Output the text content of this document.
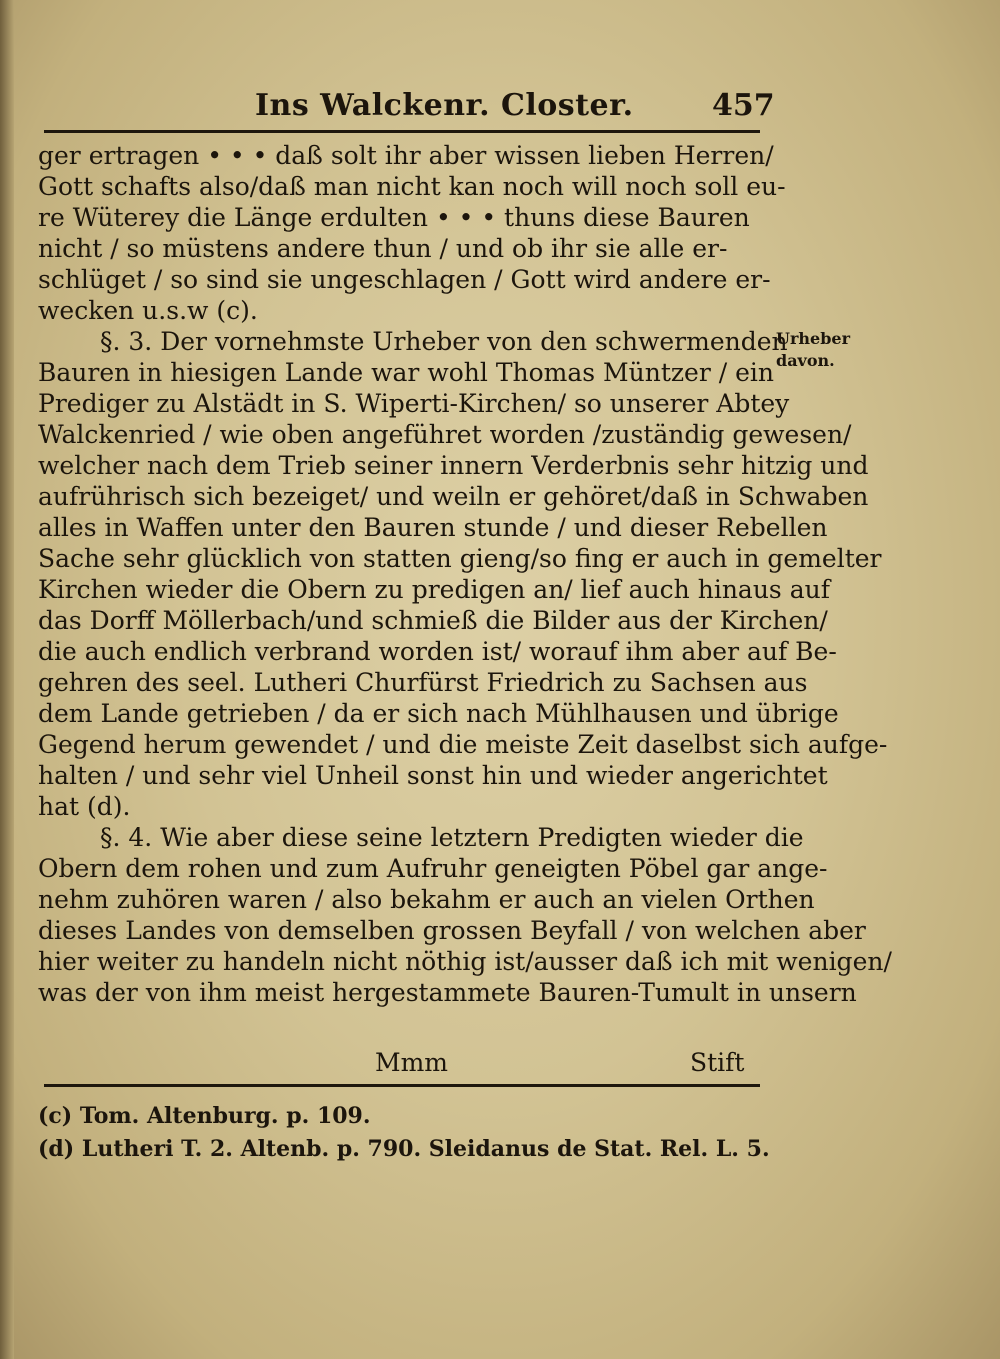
Ins Walckenr. Closter.	457
ger ertragen • • • daß solt ihr aber wissen lieben Herren/
Gott schafts also/daß man nicht kan noch will noch soll eu-
re Wüterey die Länge erdulten • • • thuns diese Bauren
nicht / so müstens andere thun / und ob ihr sie alle er-
schlüget / so sind sie ungeschlagen / Gott wird andere er-
wecken u.s.w (c).
§. 3. Der vornehmste Urheber von den schwermenden
Bauren in hiesigen Lande war wohl Thomas Müntzer / ein
Prediger zu Alstädt in S. Wiperti-Kirchen/ so unserer Abtey
Walckenried / wie oben angeführet worden /zuständig gewesen/
welcher nach dem Trieb seiner innern Verderbnis sehr hitzig und
aufrührisch sich bezeiget/ und weiln er gehöret/daß in Schwaben
alles in Waffen unter den Bauren stunde / und dieser Rebellen
Sache sehr glücklich von statten gieng/so fing er auch in gemelter
Kirchen wieder die Obern zu predigen an/ lief auch hinaus auf
das Dorff Möllerbach/und schmieß die Bilder aus der Kirchen/
die auch endlich verbrand worden ist/ worauf ihm aber auf Be-
gehren des seel. Lutheri Churfürst Friedrich zu Sachsen aus
dem Lande getrieben / da er sich nach Mühlhausen und übrige
Gegend herum gewendet / und die meiste Zeit daselbst sich aufge-
halten / und sehr viel Unheil sonst hin und wieder angerichtet
hat (d).
§. 4. Wie aber diese seine letztern Predigten wieder die
Obern dem rohen und zum Aufruhr geneigten Pöbel gar ange-
nehm zuhören waren / also bekahm er auch an vielen Orthen
dieses Landes von demselben grossen Beyfall / von welchen aber
hier weiter zu handeln nicht nöthig ist/ausser daß ich mit wenigen/
was der von ihm meist hergestammete Bauren-Tumult in unsern
Urheber
davon.
Mmm	Stift
(c) Tom. Altenburg. p. 109.
(d) Lutheri T. 2. Altenb. p. 790. Sleidanus de Stat. Rel. L. 5.
